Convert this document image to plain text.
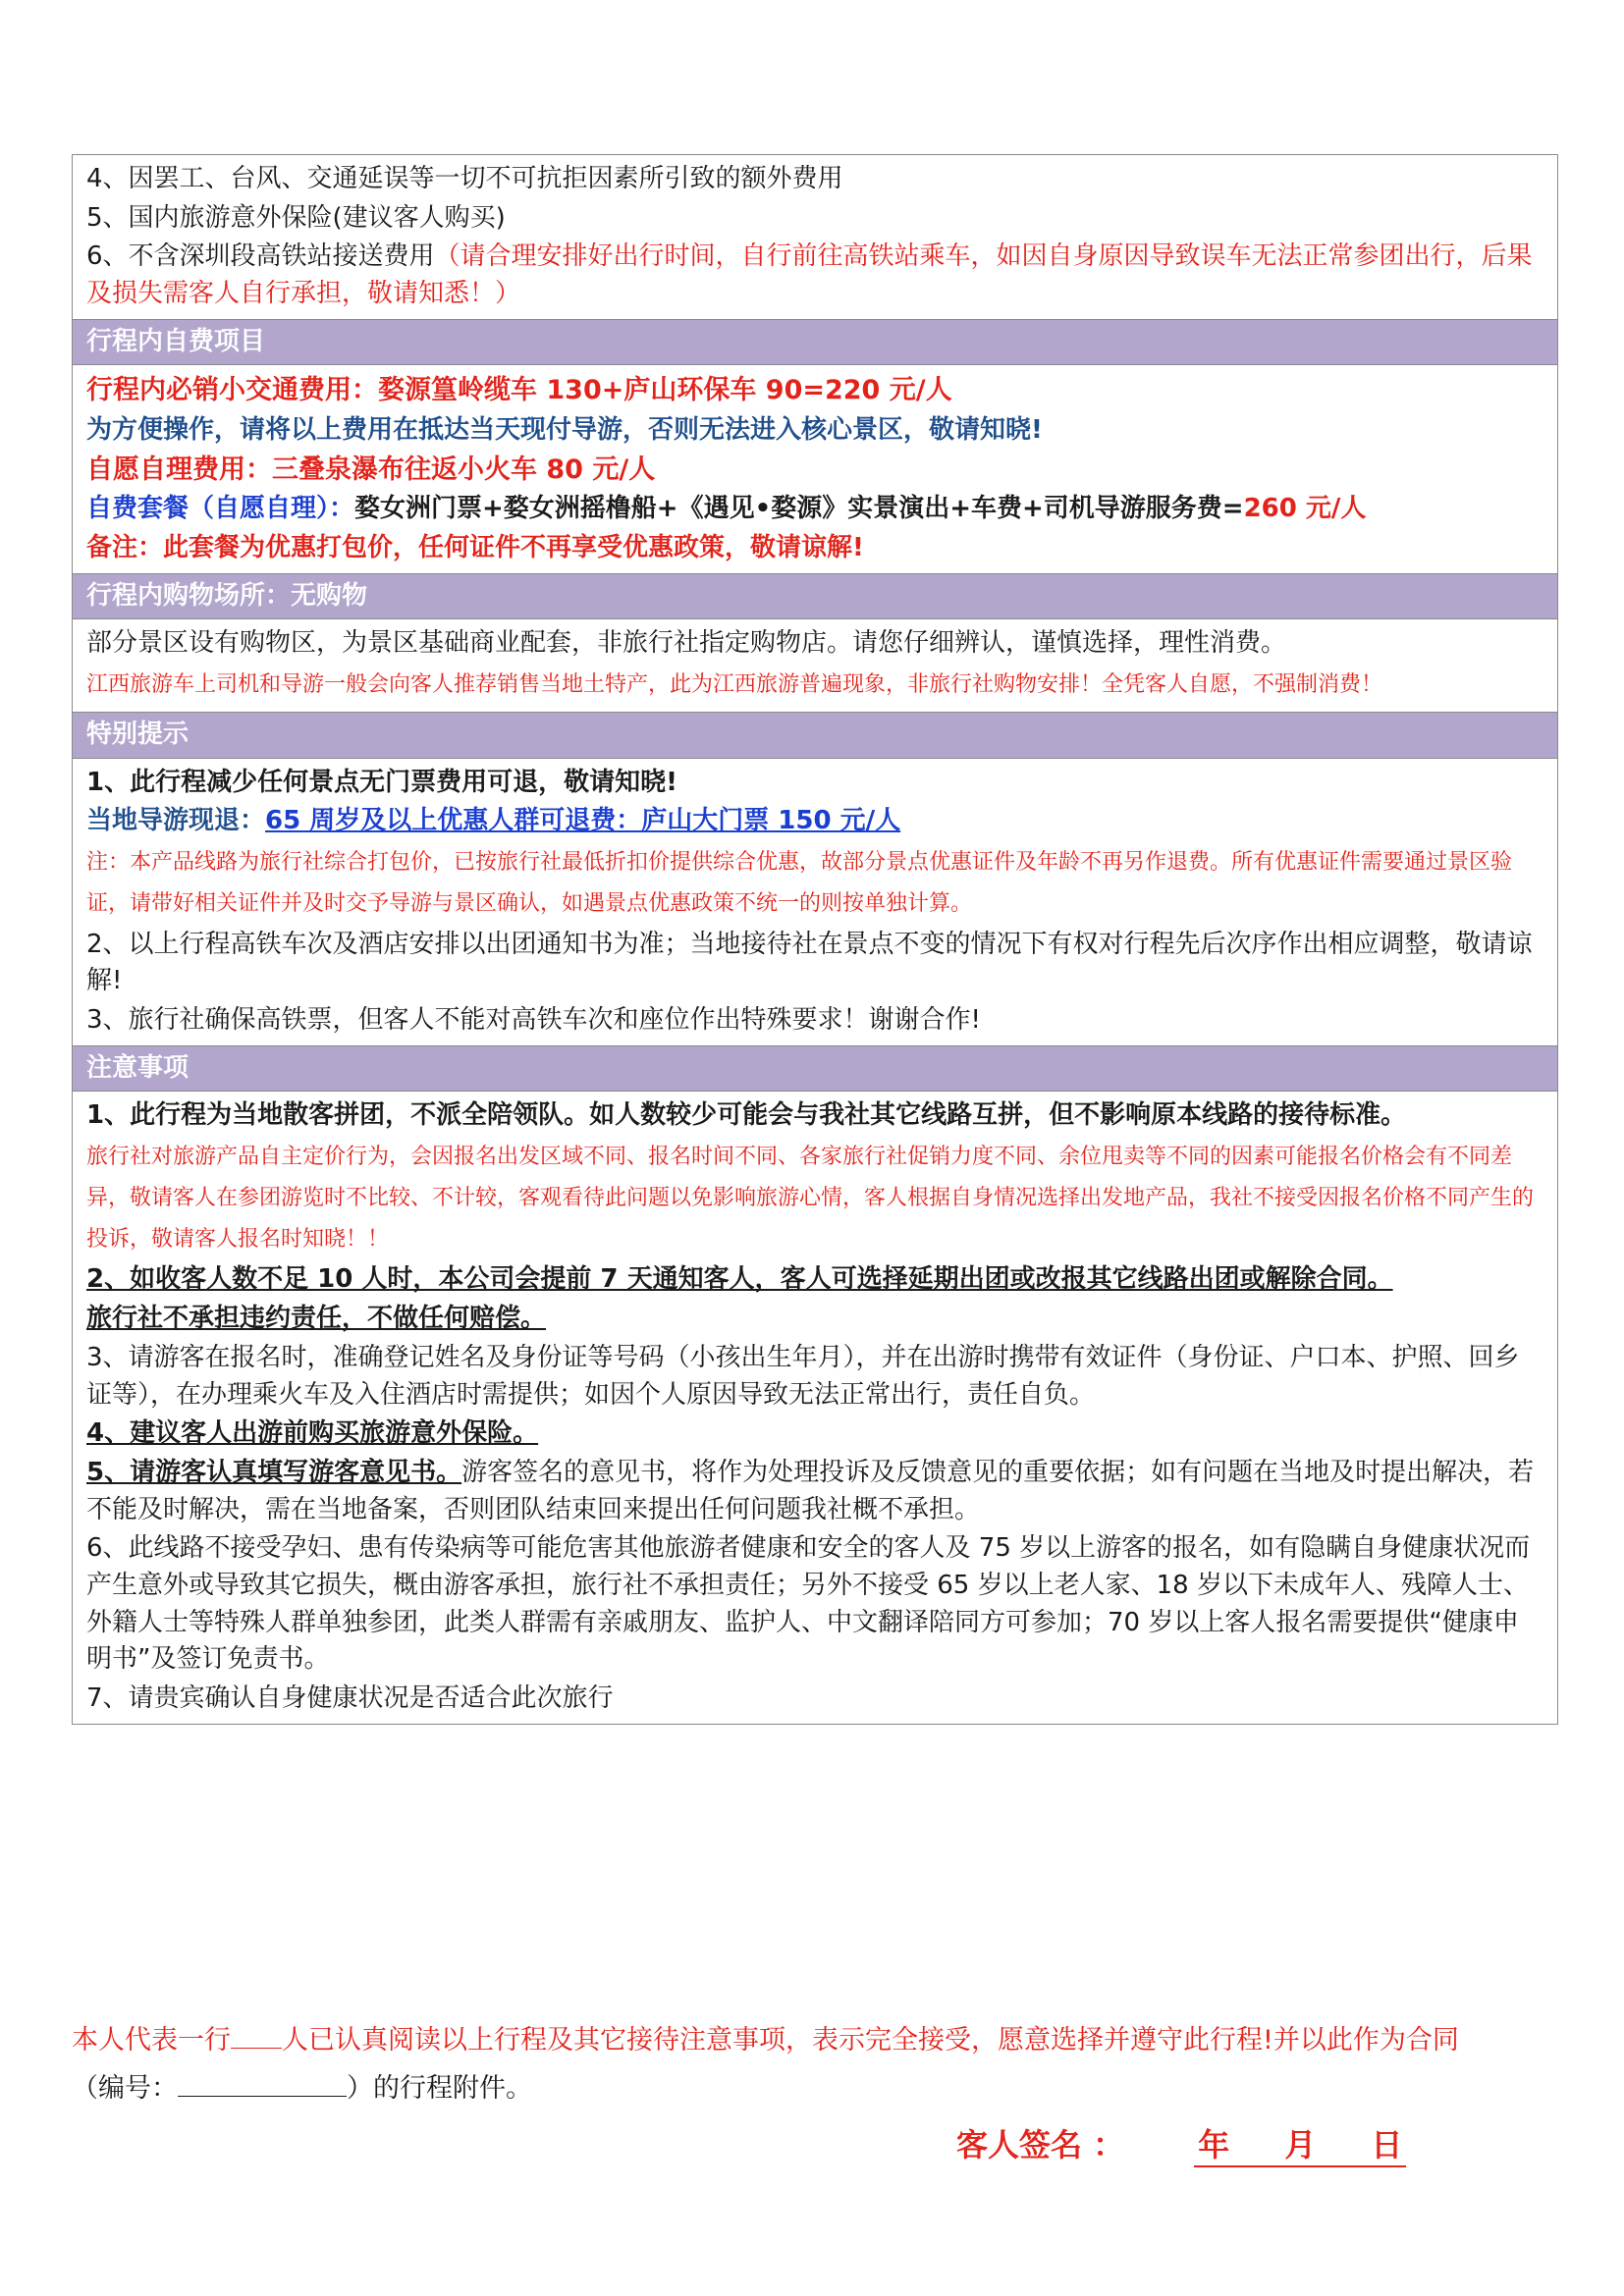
4、因罢工、台风、交通延误等一切不可抗拒因素所引致的额外费用
5、国内旅游意外保险(建议客人购买)
6、不含深圳段高铁站接送费用（请合理安排好出行时间，自行前往高铁站乘车，如因自身原因导致误车无法正常参团出行，后果及损失需客人自行承担，敬请知悉！）

行程内自费项目

行程内必销小交通费用：婺源篁岭缆车 130+庐山环保车 90=220 元/人
为方便操作，请将以上费用在抵达当天现付导游，否则无法进入核心景区，敬请知晓!
自愿自理费用：三叠泉瀑布往返小火车 80 元/人
自费套餐（自愿自理）：婺女洲门票+婺女洲摇橹船+《遇见•婺源》实景演出+车费+司机导游服务费=260 元/人
备注：此套餐为优惠打包价，任何证件不再享受优惠政策，敬请谅解!

行程内购物场所：无购物

部分景区设有购物区，为景区基础商业配套，非旅行社指定购物店。请您仔细辨认，谨慎选择，理性消费。
江西旅游车上司机和导游一般会向客人推荐销售当地土特产，此为江西旅游普遍现象，非旅行社购物安排！全凭客人自愿，不强制消费！

特别提示

1、此行程减少任何景点无门票费用可退，敬请知晓!
当地导游现退：65 周岁及以上优惠人群可退费：庐山大门票 150 元/人
注：本产品线路为旅行社综合打包价，已按旅行社最低折扣价提供综合优惠，故部分景点优惠证件及年龄不再另作退费。所有优惠证件需要通过景区验证，请带好相关证件并及时交予导游与景区确认，如遇景点优惠政策不统一的则按单独计算。
2、以上行程高铁车次及酒店安排以出团通知书为准；当地接待社在景点不变的情况下有权对行程先后次序作出相应调整，敬请谅解!
3、旅行社确保高铁票，但客人不能对高铁车次和座位作出特殊要求！谢谢合作!

注意事项

1、此行程为当地散客拼团，不派全陪领队。如人数较少可能会与我社其它线路互拼，但不影响原本线路的接待标准。
旅行社对旅游产品自主定价行为，会因报名出发区域不同、报名时间不同、各家旅行社促销力度不同、余位甩卖等不同的因素可能报名价格会有不同差异，敬请客人在参团游览时不比较、不计较，客观看待此问题以免影响旅游心情，客人根据自身情况选择出发地产品，我社不接受因报名价格不同产生的投诉，敬请客人报名时知晓！！
2、如收客人数不足 10 人时，本公司会提前 7 天通知客人，客人可选择延期出团或改报其它线路出团或解除合同。
旅行社不承担违约责任，不做任何赔偿。
3、请游客在报名时，准确登记姓名及身份证等号码（小孩出生年月），并在出游时携带有效证件（身份证、户口本、护照、回乡证等），在办理乘火车及入住酒店时需提供；如因个人原因导致无法正常出行，责任自负。
4、建议客人出游前购买旅游意外保险。
5、请游客认真填写游客意见书。游客签名的意见书，将作为处理投诉及反馈意见的重要依据；如有问题在当地及时提出解决，若不能及时解决，需在当地备案，否则团队结束回来提出任何问题我社概不承担。
6、此线路不接受孕妇、患有传染病等可能危害其他旅游者健康和安全的客人及 75 岁以上游客的报名，如有隐瞒自身健康状况而产生意外或导致其它损失，概由游客承担，旅行社不承担责任；另外不接受 65 岁以上老人家、18 岁以下未成年人、残障人士、外籍人士等特殊人群单独参团，此类人群需有亲戚朋友、监护人、中文翻译陪同方可参加；70 岁以上客人报名需要提供“健康申明书”及签订免责书。
7、请贵宾确认自身健康状况是否适合此次旅行
本人代表一行 人已认真阅读以上行程及其它接待注意事项，表示完全接受，愿意选择并遵守此行程!并以此作为合同
（编号：	）的行程附件。
客人签名 ： 年 月 日
